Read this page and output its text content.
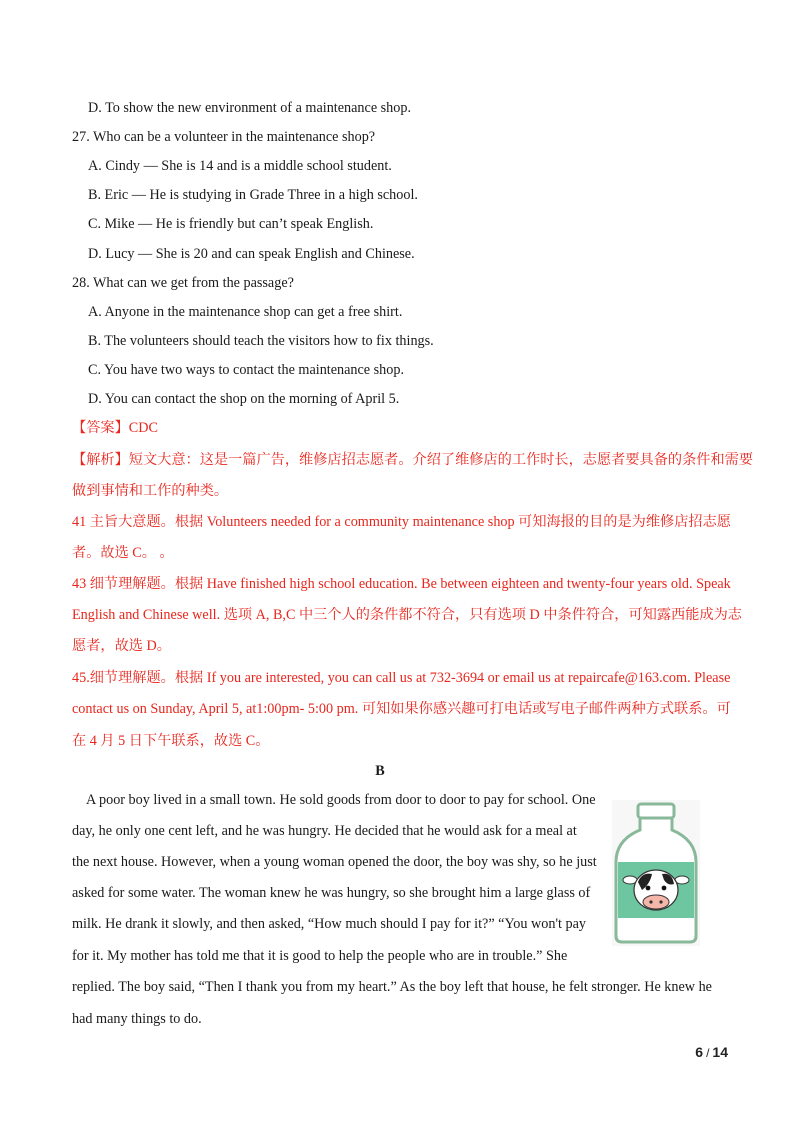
D. To show the new environment of a maintenance shop.
27. Who can be a volunteer in the maintenance shop?
A. Cindy — She is 14 and is a middle school student.
B. Eric — He is studying in Grade Three in a high school.
C. Mike — He is friendly but can’t speak English.
D. Lucy — She is 20 and can speak English and Chinese.
28. What can we get from the passage?
A. Anyone in the maintenance shop can get a free shirt.
B. The volunteers should teach the visitors how to fix things.
C. You have two ways to contact the maintenance shop.
D. You can contact the shop on the morning of April 5.
【答案】CDC
【解析】短文大意：这是一篇广告，维修店招志愿者。介绍了维修店的工作时长，志愿者要具备的条件和需要
做到事情和工作的种类。
41 主旨大意题。根据 Volunteers needed for a community maintenance shop 可知海报的目的是为维修店招志愿
者。故选 C。 。
43 细节理解题。根据 Have finished high school education. Be between eighteen and twenty-four years old. Speak
English and Chinese well. 选项 A, B,C 中三个人的条件都不符合，只有选项 D 中条件符合，可知露西能成为志
愿者，故选 D。
45.细节理解题。根据 If you are interested, you can call us at 732-3694 or email us at repaircafe@163.com. Please
contact us on Sunday, April 5, at1:00pm- 5:00 pm. 可知如果你感兴趣可打电话或写电子邮件两种方式联系。可
在 4 月 5 日下午联系，故选 C。
B
A poor boy lived in a small town. He sold goods from door to door to pay for school. One
day, he only one cent left, and he was hungry. He decided that he would ask for a meal at
the next house. However, when a young woman opened the door, the boy was shy, so he just
asked for some water. The woman knew he was hungry, so she brought him a large glass of
milk. He drank it slowly, and then asked, “How much should I pay for it?” “You won't pay
for it. My mother has told me that it is good to help the people who are in trouble.” She
replied. The boy said, “Then I thank you from my heart.” As the boy left that house, he felt stronger. He knew he
had many things to do.
6 / 14
